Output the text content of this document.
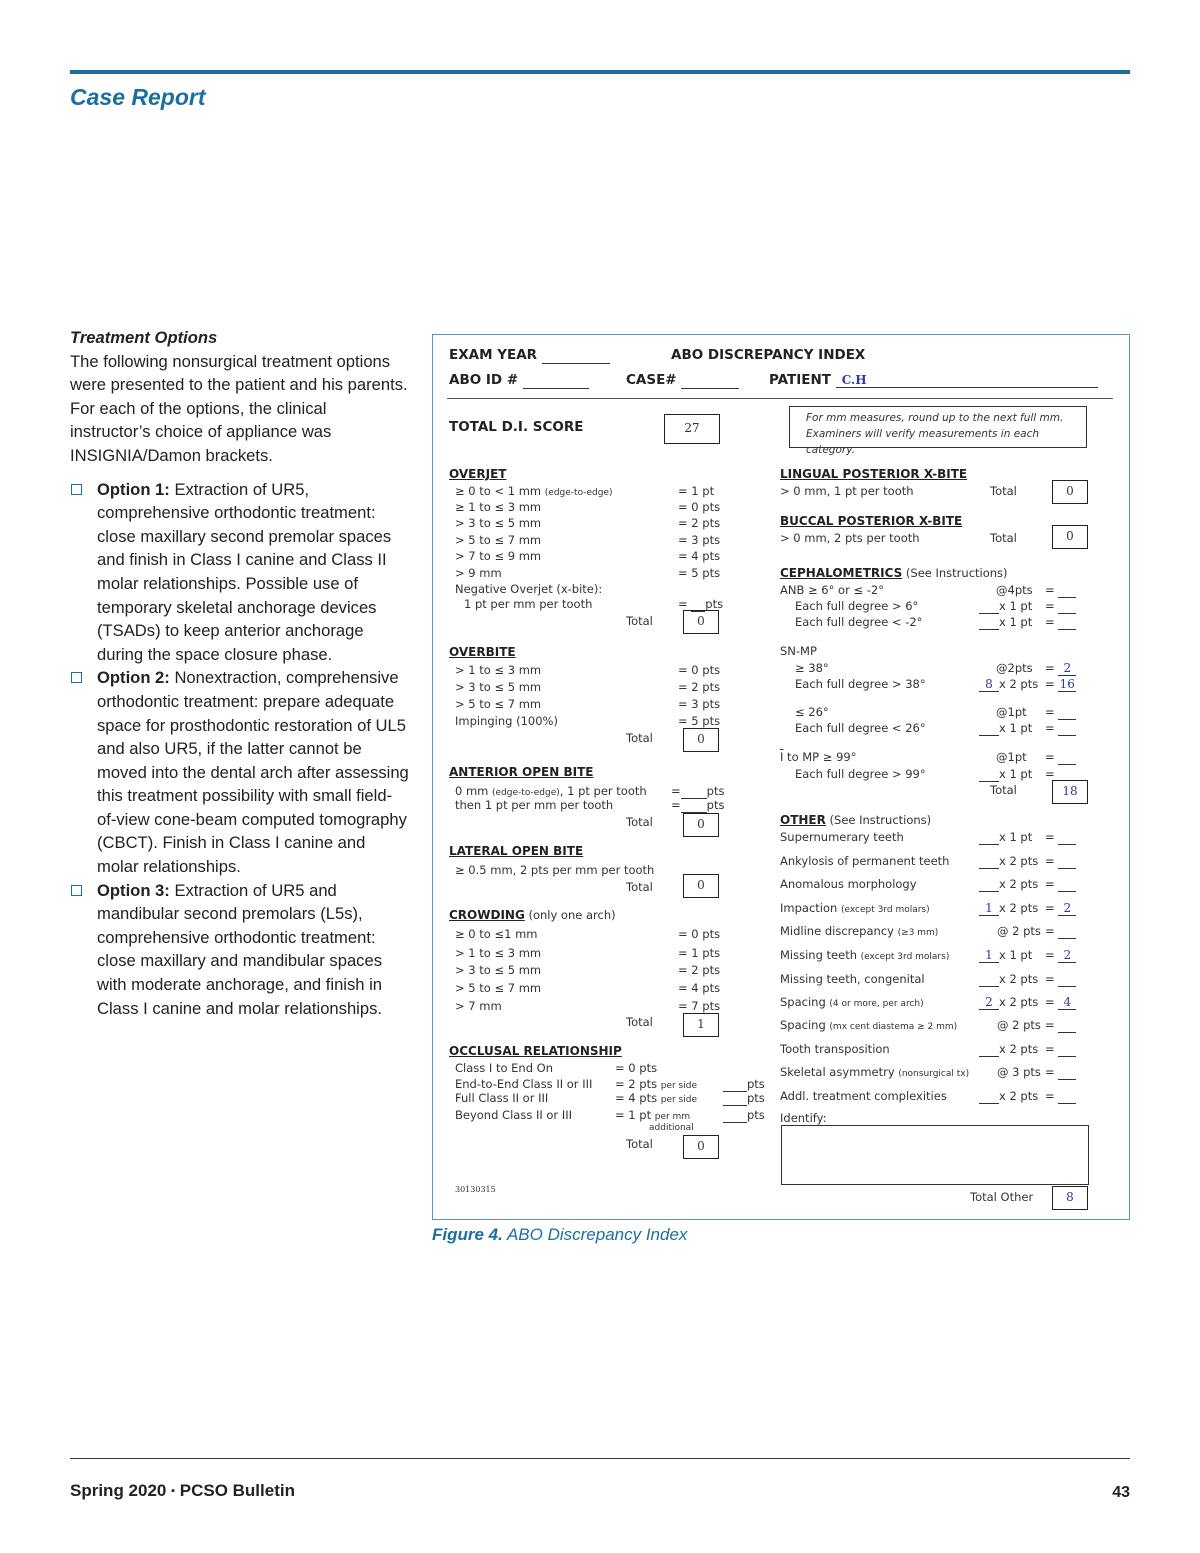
Case Report
Treatment Options
The following nonsurgical treatment options were presented to the patient and his parents. For each of the options, the clinical instructor’s choice of appliance was INSIGNIA/Damon brackets.
Option 1: Extraction of UR5, comprehensive orthodontic treatment: close maxillary second premolar spaces and finish in Class I canine and Class II molar relationships. Possible use of temporary skeletal anchorage devices (TSADs) to keep anterior anchorage during the space closure phase.
Option 2: Nonextraction, comprehensive orthodontic treatment: prepare adequate space for prosthodontic restoration of UL5 and also UR5, if the latter cannot be moved into the dental arch after assessing this treatment possibility with small field-of-view cone-beam computed tomography (CBCT). Finish in Class I canine and molar relationships.
Option 3: Extraction of UR5 and mandibular second premolars (L5s), comprehensive orthodontic treatment: close maxillary and mandibular spaces with moderate anchorage, and finish in Class I canine and molar relationships.
EXAM YEAR	ABO DISCREPANCY INDEX
ABO ID #	CASE#	PATIENT C.H
TOTAL D.I. SCORE	27
For mm measures, round up to the next full mm.
Examiners will verify measurements in each category.
OVERJET
≥ 0 to < 1 mm (edge-to-edge)	= 1 pt
≥ 1 to ≤ 3 mm	= 0 pts
> 3 to ≤ 5 mm	= 2 pts
> 5 to ≤ 7 mm	= 3 pts
> 7 to ≤ 9 mm	= 4 pts
> 9 mm	= 5 pts
Negative Overjet (x-bite):
1 pt per mm per tooth	=  pts
Total	0
OVERBITE
> 1 to ≤ 3 mm	= 0 pts
> 3 to ≤ 5 mm	= 2 pts
> 5 to ≤ 7 mm	= 3 pts
Impinging (100%)	= 5 pts
Total	0
ANTERIOR OPEN BITE
0 mm (edge-to-edge), 1 pt per tooth = pts
then 1 pt per mm per tooth	= pts
Total	0
LATERAL OPEN BITE
≥ 0.5 mm, 2 pts per mm per tooth
Total	0
CROWDING (only one arch)
≥ 0 to ≤1 mm	= 0 pts
> 1 to ≤ 3 mm	= 1 pts
> 3 to ≤ 5 mm	= 2 pts
> 5 to ≤ 7 mm	= 4 pts
> 7 mm	= 7 pts
Total	1
OCCLUSAL RELATIONSHIP
Class I to End On	= 0 pts
End-to-End Class II or III = 2 pts per side	pts
Full Class II or III	= 4 pts per side	pts
Beyond Class II or III	= 1 pt per mm	pts
additional
Total	0
30130315
LINGUAL POSTERIOR X-BITE
> 0 mm, 1 pt per tooth	Total	0
BUCCAL POSTERIOR X-BITE
> 0 mm, 2 pts per tooth	Total	0
CEPHALOMETRICS (See Instructions)
ANB ≥ 6° or ≤ -2°	@4pts =
Each full degree > 6°	x 1 pt =
Each full degree < -2°	x 1 pt =
SN-MP
≥ 38°	@2pts = 2
Each full degree > 38°	8 x 2 pts = 16
≤ 26°	@1pt =
Each full degree < 26°	x 1 pt =
$\overline{I}$ to MP ≥ 99°	@1pt =
Each full degree > 99°	x 1 pt =
Total	18
OTHER (See Instructions)
Supernumerary teeth	x 1 pt =
Ankylosis of permanent teeth	x 2 pts =
Anomalous morphology	x 2 pts =
Impaction (except 3rd molars)	1 x 2 pts = 2
Midline discrepancy (≥3 mm)	@ 2 pts =
Missing teeth (except 3rd molars)	1 x 1 pt = 2
Missing teeth, congenital	x 2 pts =
Spacing (4 or more, per arch)	2 x 2 pts = 4
Spacing (mx cent diastema ≥ 2 mm)	@ 2 pts =
Tooth transposition	x 2 pts =
Skeletal asymmetry (nonsurgical tx) @ 3 pts =
Addl. treatment complexities	x 2 pts =
Identify:
Total Other	8
Figure 4. ABO Discrepancy Index
Spring 2020 ▪ PCSO Bulletin	43
